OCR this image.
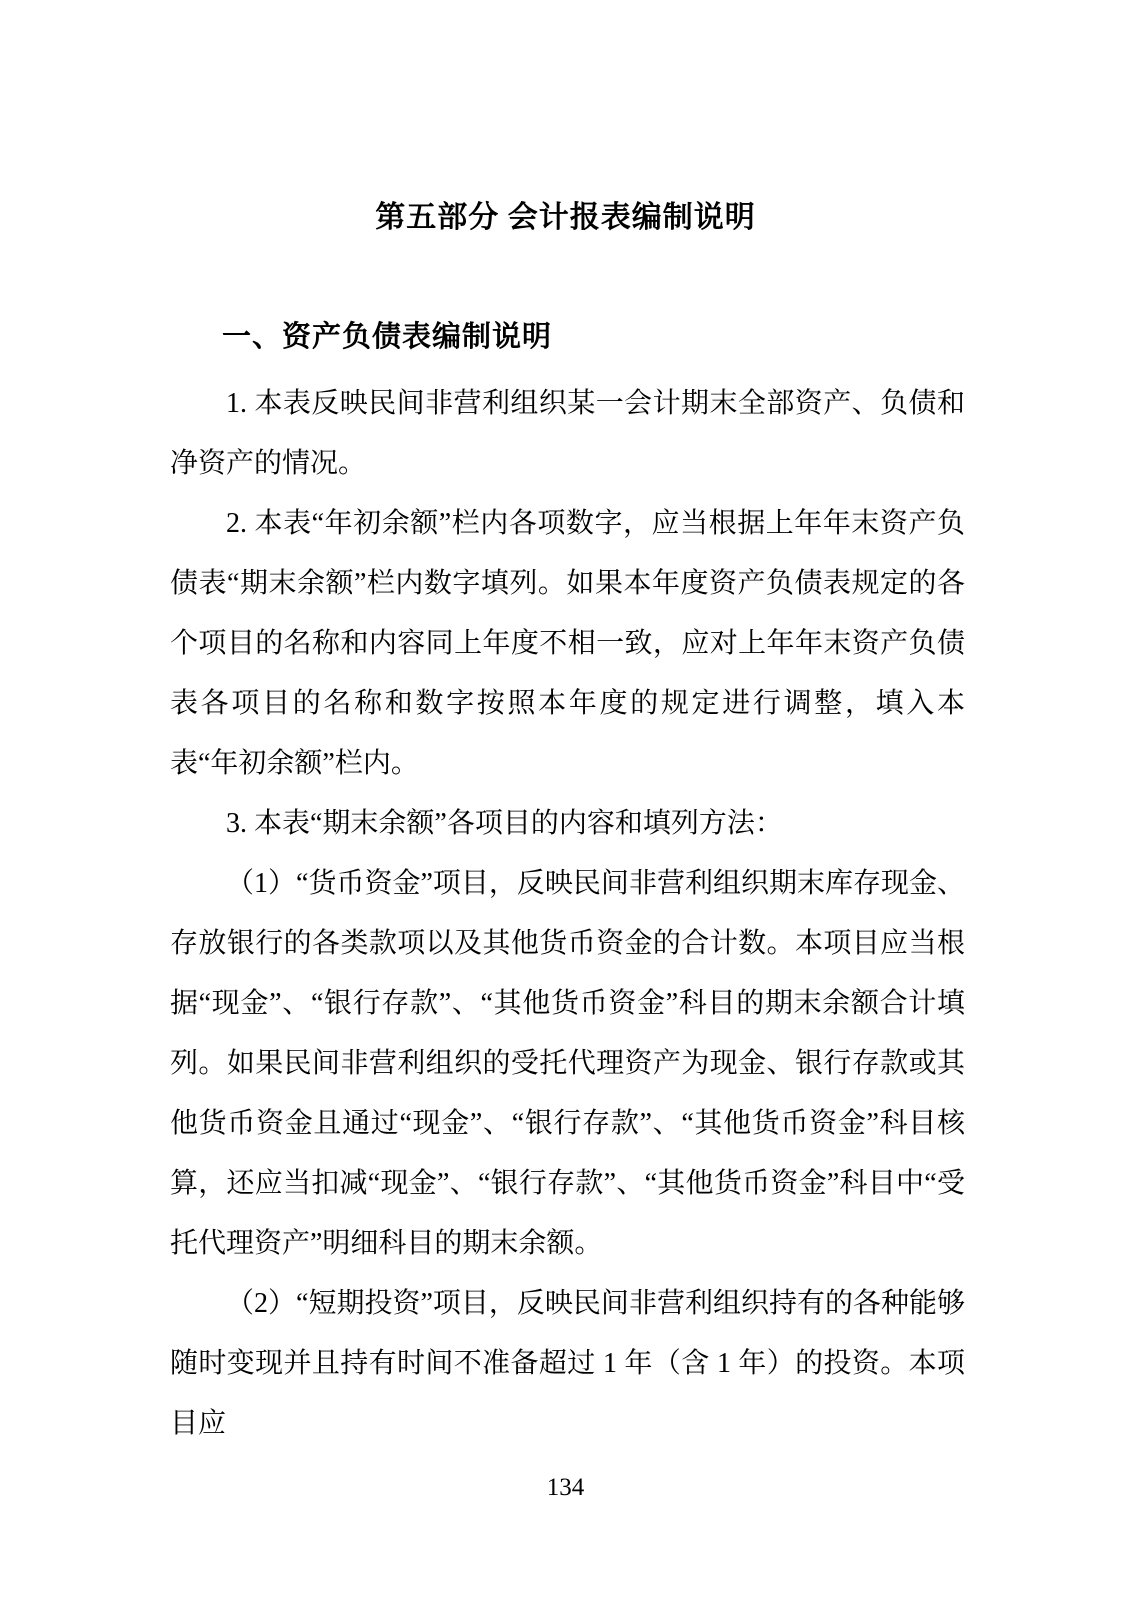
第五部分 会计报表编制说明
一、资产负债表编制说明

1. 本表反映民间非营利组织某一会计期末全部资产、负债和净资产的情况。

2. 本表“年初余额”栏内各项数字，应当根据上年年末资产负债表“期末余额”栏内数字填列。如果本年度资产负债表规定的各个项目的名称和内容同上年度不相一致，应对上年年末资产负债表各项目的名称和数字按照本年度的规定进行调整，填入本表“年初余额”栏内。

3. 本表“期末余额”各项目的内容和填列方法：

（1）“货币资金”项目，反映民间非营利组织期末库存现金、存放银行的各类款项以及其他货币资金的合计数。本项目应当根据“现金”、“银行存款”、“其他货币资金”科目的期末余额合计填列。如果民间非营利组织的受托代理资产为现金、银行存款或其他货币资金且通过“现金”、“银行存款”、“其他货币资金”科目核算，还应当扣减“现金”、“银行存款”、“其他货币资金”科目中“受托代理资产”明细科目的期末余额。

（2）“短期投资”项目，反映民间非营利组织持有的各种能够随时变现并且持有时间不准备超过 1 年（含 1 年）的投资。本项目应

134
